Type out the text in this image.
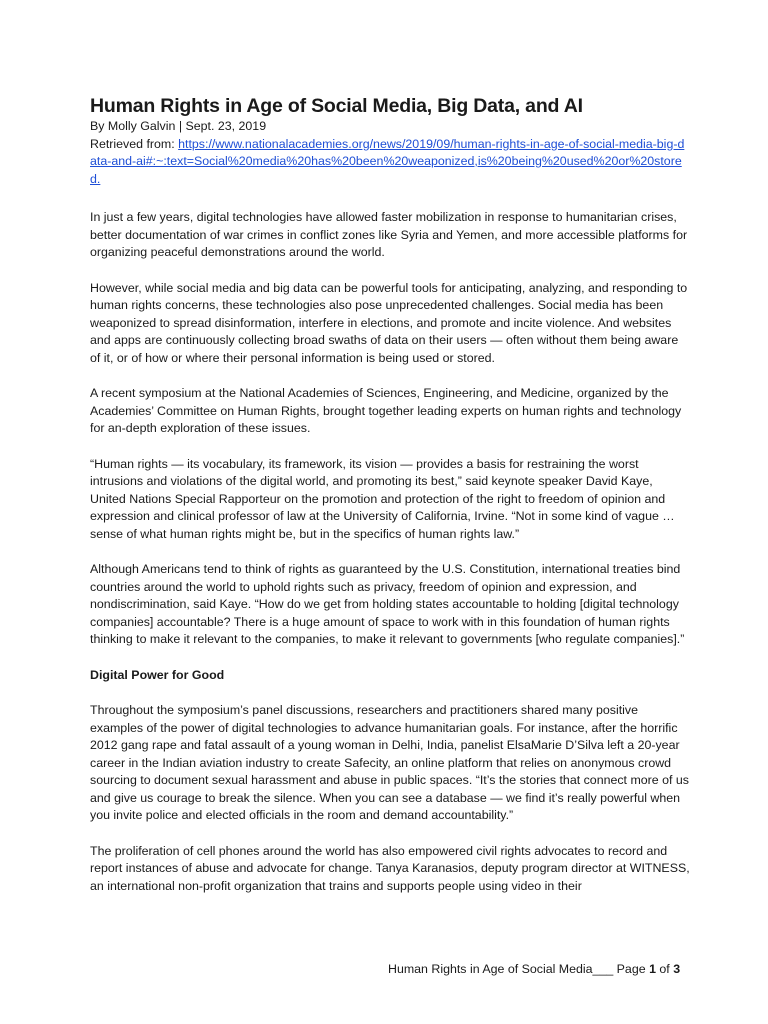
Human Rights in Age of Social Media, Big Data, and AI

By Molly Galvin | Sept. 23, 2019

Retrieved from: https://www.nationalacademies.org/news/2019/09/human-rights-in-age-of-social-media-big-data-and-ai#:~:text=Social%20media%20has%20been%20weaponized,is%20being%20used%20or%20stored.

In just a few years, digital technologies have allowed faster mobilization in response to humanitarian crises, better documentation of war crimes in conflict zones like Syria and Yemen, and more accessible platforms for organizing peaceful demonstrations around the world.

However, while social media and big data can be powerful tools for anticipating, analyzing, and responding to human rights concerns, these technologies also pose unprecedented challenges. Social media has been weaponized to spread disinformation, interfere in elections, and promote and incite violence. And websites and apps are continuously collecting broad swaths of data on their users — often without them being aware of it, or of how or where their personal information is being used or stored.

A recent symposium at the National Academies of Sciences, Engineering, and Medicine, organized by the Academies’ Committee on Human Rights, brought together leading experts on human rights and technology for an-depth exploration of these issues.

“Human rights — its vocabulary, its framework, its vision — provides a basis for restraining the worst intrusions and violations of the digital world, and promoting its best,” said keynote speaker David Kaye, United Nations Special Rapporteur on the promotion and protection of the right to freedom of opinion and expression and clinical professor of law at the University of California, Irvine. “Not in some kind of vague … sense of what human rights might be, but in the specifics of human rights law.”

Although Americans tend to think of rights as guaranteed by the U.S. Constitution, international treaties bind countries around the world to uphold rights such as privacy, freedom of opinion and expression, and nondiscrimination, said Kaye. “How do we get from holding states accountable to holding [digital technology companies] accountable? There is a huge amount of space to work with in this foundation of human rights thinking to make it relevant to the companies, to make it relevant to governments [who regulate companies].”

Digital Power for Good

Throughout the symposium’s panel discussions, researchers and practitioners shared many positive examples of the power of digital technologies to advance humanitarian goals. For instance, after the horrific 2012 gang rape and fatal assault of a young woman in Delhi, India, panelist ElsaMarie D’Silva left a 20-year career in the Indian aviation industry to create Safecity, an online platform that relies on anonymous crowd sourcing to document sexual harassment and abuse in public spaces. “It’s the stories that connect more of us and give us courage to break the silence. When you can see a database — we find it’s really powerful when you invite police and elected officials in the room and demand accountability.”

The proliferation of cell phones around the world has also empowered civil rights advocates to record and report instances of abuse and advocate for change. Tanya Karanasios, deputy program director at WITNESS, an international non-profit organization that trains and supports people using video in their

Human Rights in Age of Social Media___ Page 1 of 3
